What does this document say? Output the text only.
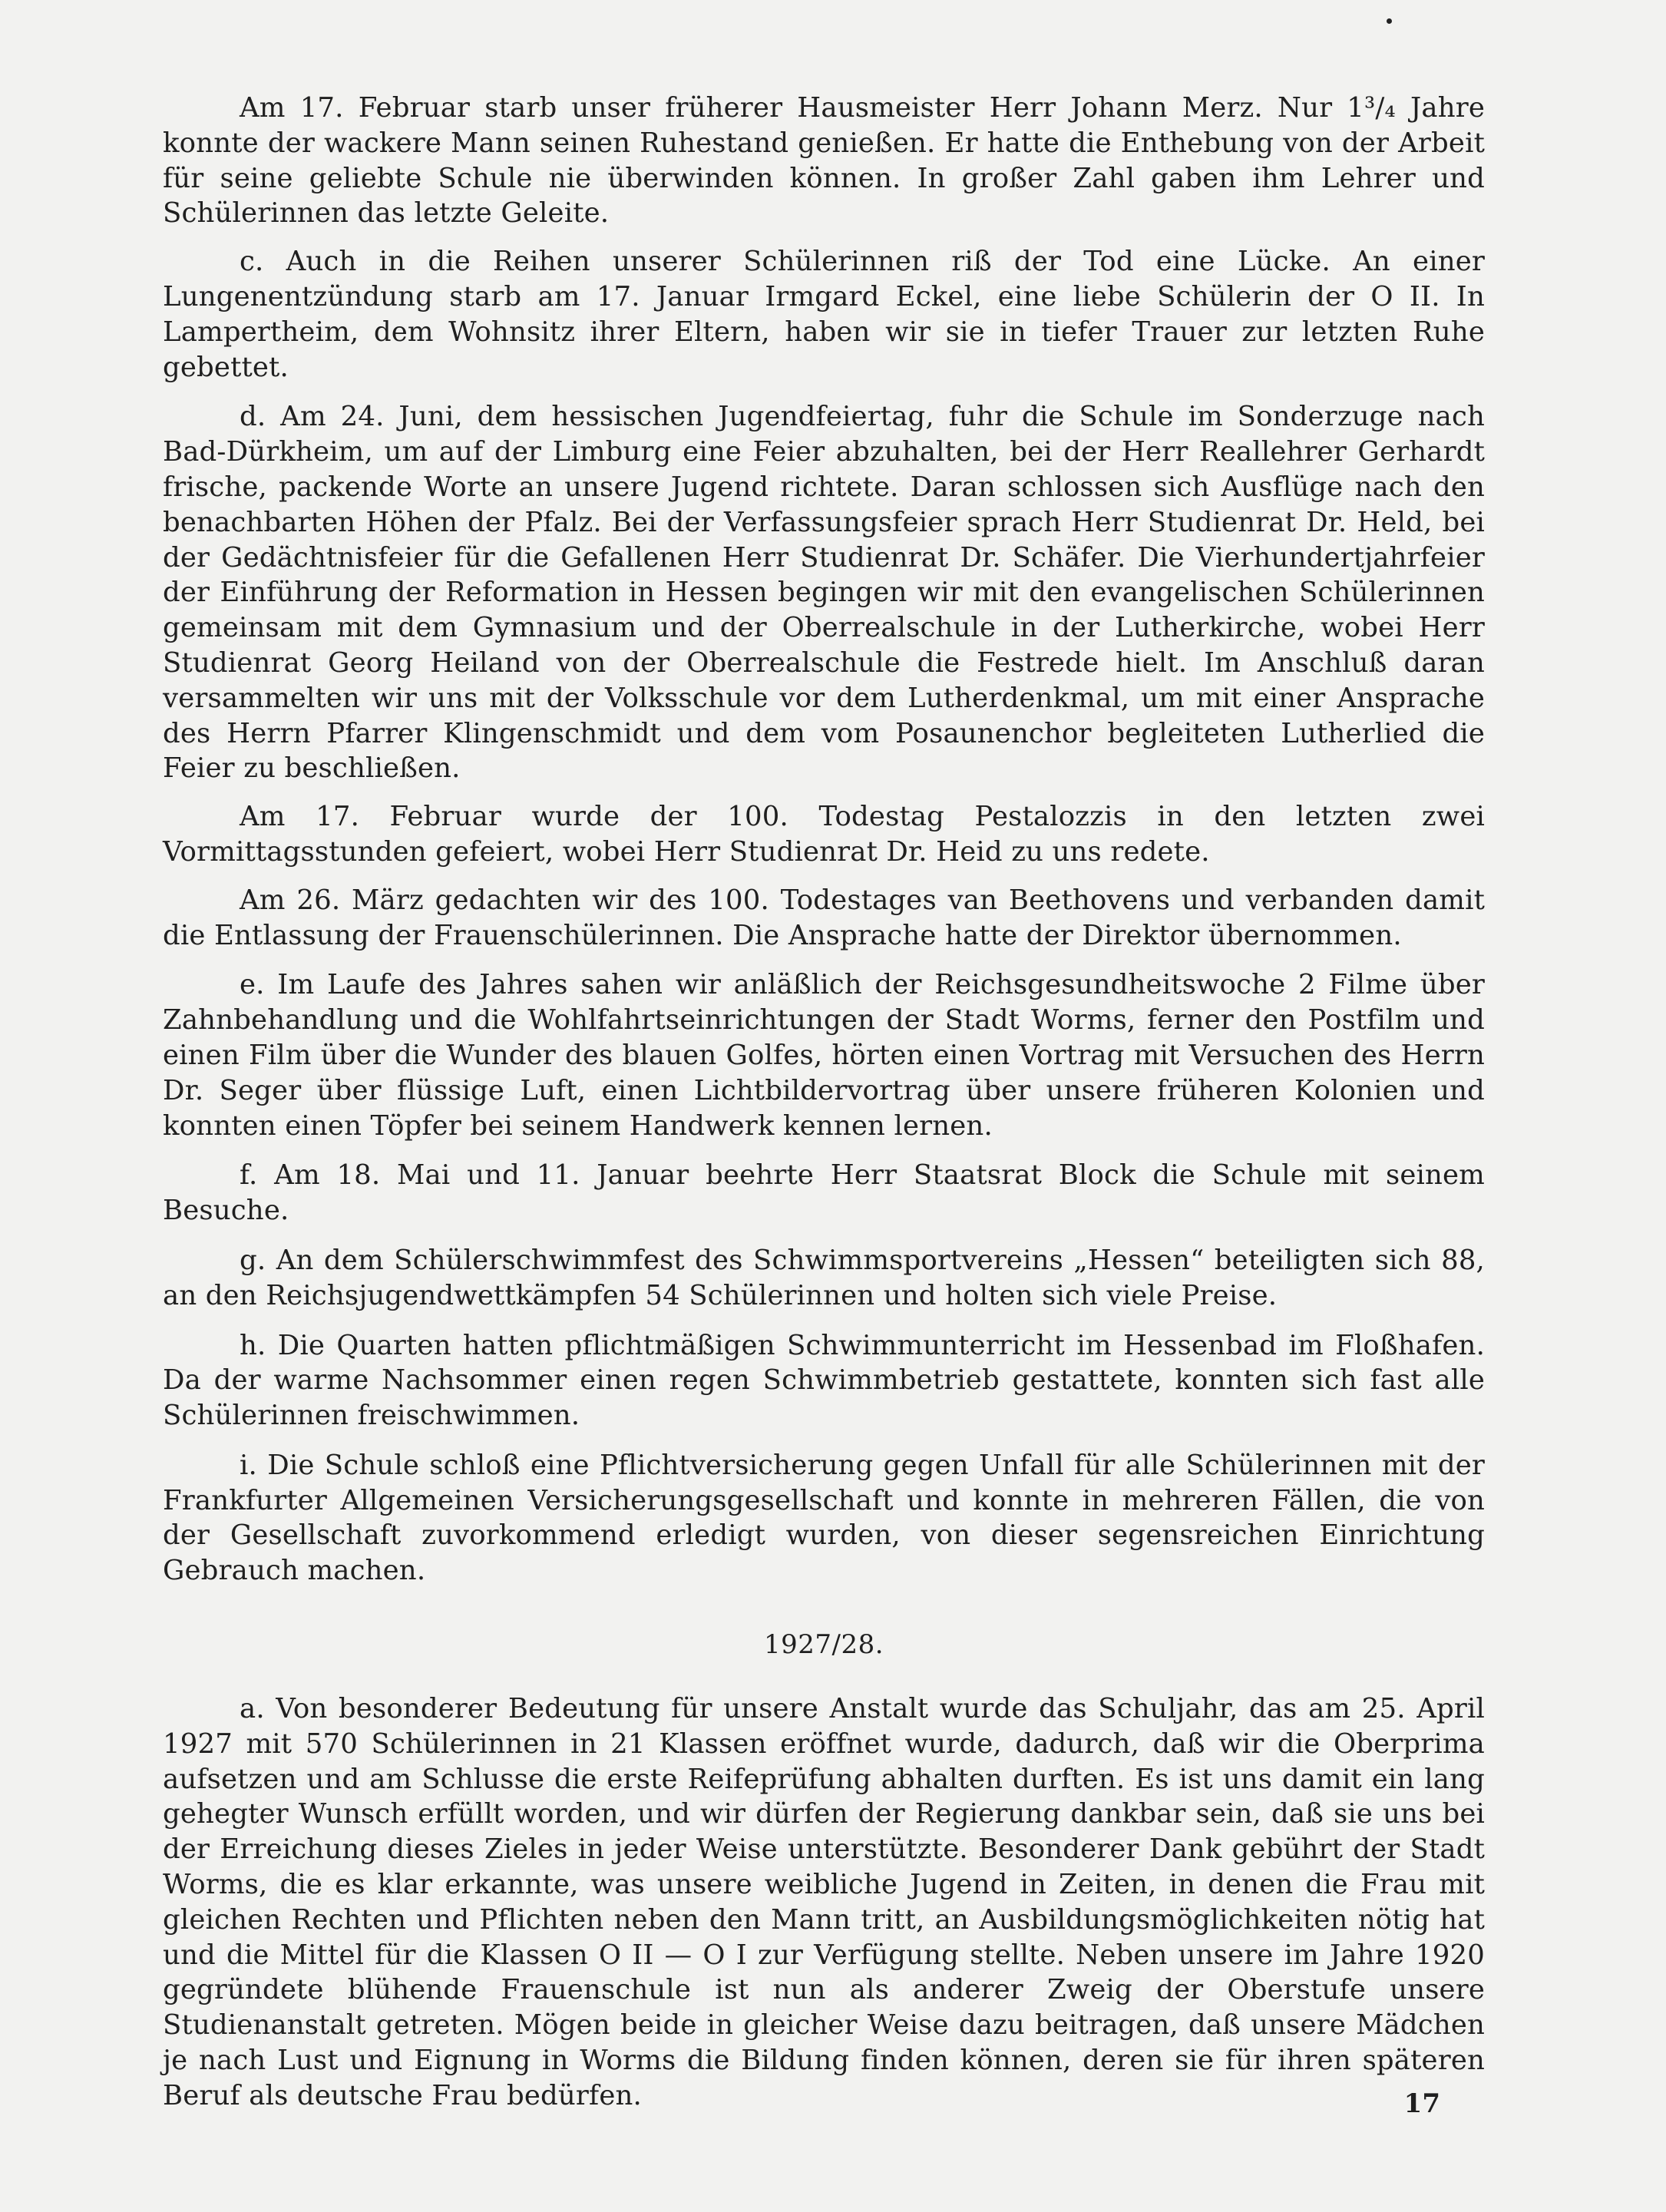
Am 17. Februar starb unser früherer Hausmeister Herr Johann Merz. Nur 1³/₄ Jahre konnte der wackere Mann seinen Ruhestand genießen. Er hatte die Enthebung von der Arbeit für seine geliebte Schule nie überwinden können. In großer Zahl gaben ihm Lehrer und Schülerinnen das letzte Geleite.

c. Auch in die Reihen unserer Schülerinnen riß der Tod eine Lücke. An einer Lungenentzündung starb am 17. Januar Irmgard Eckel, eine liebe Schülerin der O II. In Lampertheim, dem Wohnsitz ihrer Eltern, haben wir sie in tiefer Trauer zur letzten Ruhe gebettet.

d. Am 24. Juni, dem hessischen Jugendfeiertag, fuhr die Schule im Sonderzuge nach Bad-Dürkheim, um auf der Limburg eine Feier abzuhalten, bei der Herr Reallehrer Gerhardt frische, packende Worte an unsere Jugend richtete. Daran schlossen sich Ausflüge nach den benachbarten Höhen der Pfalz. Bei der Verfassungsfeier sprach Herr Studienrat Dr. Held, bei der Gedächtnisfeier für die Gefallenen Herr Studienrat Dr. Schäfer. Die Vierhundertjahrfeier der Einführung der Reformation in Hessen begingen wir mit den evangelischen Schülerinnen gemeinsam mit dem Gymnasium und der Oberrealschule in der Lutherkirche, wobei Herr Studienrat Georg Heiland von der Oberrealschule die Festrede hielt. Im Anschluß daran versammelten wir uns mit der Volksschule vor dem Lutherdenkmal, um mit einer Ansprache des Herrn Pfarrer Klingenschmidt und dem vom Posaunenchor begleiteten Lutherlied die Feier zu beschließen.

Am 17. Februar wurde der 100. Todestag Pestalozzis in den letzten zwei Vormittagsstunden gefeiert, wobei Herr Studienrat Dr. Heid zu uns redete.

Am 26. März gedachten wir des 100. Todestages van Beethovens und verbanden damit die Entlassung der Frauenschülerinnen. Die Ansprache hatte der Direktor übernommen.

e. Im Laufe des Jahres sahen wir anläßlich der Reichsgesundheitswoche 2 Filme über Zahnbehandlung und die Wohlfahrtseinrichtungen der Stadt Worms, ferner den Postfilm und einen Film über die Wunder des blauen Golfes, hörten einen Vortrag mit Versuchen des Herrn Dr. Seger über flüssige Luft, einen Lichtbildervortrag über unsere früheren Kolonien und konnten einen Töpfer bei seinem Handwerk kennen lernen.

f. Am 18. Mai und 11. Januar beehrte Herr Staatsrat Block die Schule mit seinem Besuche.

g. An dem Schülerschwimmfest des Schwimmsportvereins „Hessen“ beteiligten sich 88, an den Reichsjugendwettkämpfen 54 Schülerinnen und holten sich viele Preise.

h. Die Quarten hatten pflichtmäßigen Schwimmunterricht im Hessenbad im Floßhafen. Da der warme Nachsommer einen regen Schwimmbetrieb gestattete, konnten sich fast alle Schülerinnen freischwimmen.

i. Die Schule schloß eine Pflichtversicherung gegen Unfall für alle Schülerinnen mit der Frankfurter Allgemeinen Versicherungsgesellschaft und konnte in mehreren Fällen, die von der Gesellschaft zuvorkommend erledigt wurden, von dieser segensreichen Einrichtung Gebrauch machen.

1927/28.

a. Von besonderer Bedeutung für unsere Anstalt wurde das Schuljahr, das am 25. April 1927 mit 570 Schülerinnen in 21 Klassen eröffnet wurde, dadurch, daß wir die Oberprima aufsetzen und am Schlusse die erste Reifeprüfung abhalten durften. Es ist uns damit ein lang gehegter Wunsch erfüllt worden, und wir dürfen der Regierung dankbar sein, daß sie uns bei der Erreichung dieses Zieles in jeder Weise unterstützte. Besonderer Dank gebührt der Stadt Worms, die es klar erkannte, was unsere weibliche Jugend in Zeiten, in denen die Frau mit gleichen Rechten und Pflichten neben den Mann tritt, an Ausbildungsmöglichkeiten nötig hat und die Mittel für die Klassen O II — O I zur Verfügung stellte. Neben unsere im Jahre 1920 gegründete blühende Frauenschule ist nun als anderer Zweig der Oberstufe unsere Studienanstalt getreten. Mögen beide in gleicher Weise dazu beitragen, daß unsere Mädchen je nach Lust und Eignung in Worms die Bildung finden können, deren sie für ihren späteren Beruf als deutsche Frau bedürfen.	17
